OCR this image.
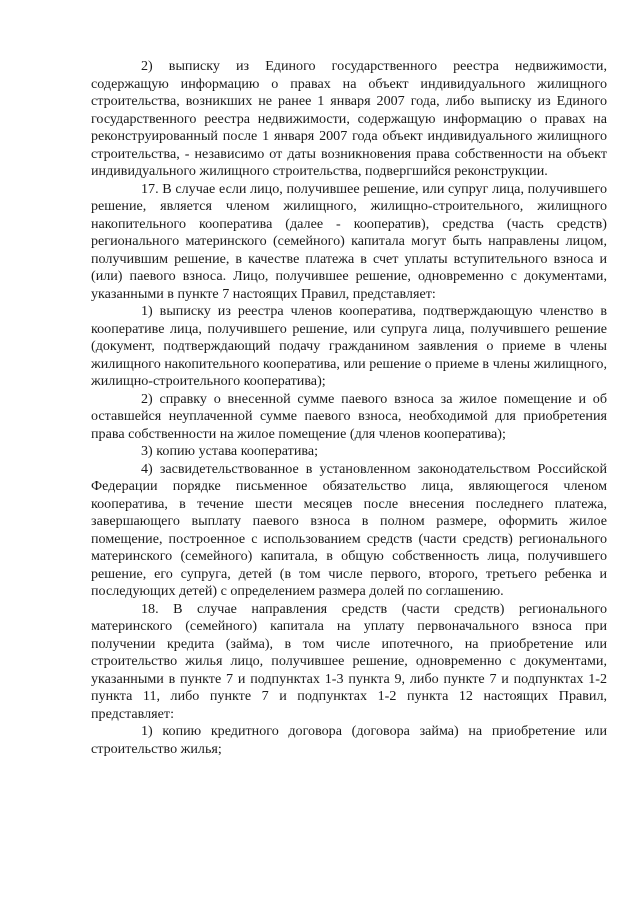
2) выписку из Единого государственного реестра недвижимости, содержащую информацию о правах на объект индивидуального жилищного строительства, возникших не ранее 1 января 2007 года, либо выписку из Единого государственного реестра недвижимости, содержащую информацию о правах на реконструированный после 1 января 2007 года объект индивидуального жилищного строительства, - независимо от даты возникновения права собственности на объект индивидуального жилищного строительства, подвергшийся реконструкции.

17. В случае если лицо, получившее решение, или супруг лица, получившего решение, является членом жилищного, жилищно-строительного, жилищного накопительного кооператива (далее - кооператив), средства (часть средств) регионального материнского (семейного) капитала могут быть направлены лицом, получившим решение, в качестве платежа в счет уплаты вступительного взноса и (или) паевого взноса. Лицо, получившее решение, одновременно с документами, указанными в пункте 7 настоящих Правил, представляет:

1) выписку из реестра членов кооператива, подтверждающую членство в кооперативе лица, получившего решение, или супруга лица, получившего решение (документ, подтверждающий подачу гражданином заявления о приеме в члены жилищного накопительного кооператива, или решение о приеме в члены жилищного, жилищно-строительного кооператива);

2) справку о внесенной сумме паевого взноса за жилое помещение и об оставшейся неуплаченной сумме паевого взноса, необходимой для приобретения права собственности на жилое помещение (для членов кооператива);

3) копию устава кооператива;

4) засвидетельствованное в установленном законодательством Российской Федерации порядке письменное обязательство лица, являющегося членом кооператива, в течение шести месяцев после внесения последнего платежа, завершающего выплату паевого взноса в полном размере, оформить жилое помещение, построенное с использованием средств (части средств) регионального материнского (семейного) капитала, в общую собственность лица, получившего решение, его супруга, детей (в том числе первого, второго, третьего ребенка и последующих детей) с определением размера долей по соглашению.

18. В случае направления средств (части средств) регионального материнского (семейного) капитала на уплату первоначального взноса при получении кредита (займа), в том числе ипотечного, на приобретение или строительство жилья лицо, получившее решение, одновременно с документами, указанными в пункте 7 и подпунктах 1-3 пункта 9, либо пункте 7 и подпунктах 1-2 пункта 11, либо пункте 7 и подпунктах 1-2 пункта 12 настоящих Правил, представляет:

1) копию кредитного договора (договора займа) на приобретение или строительство жилья;
